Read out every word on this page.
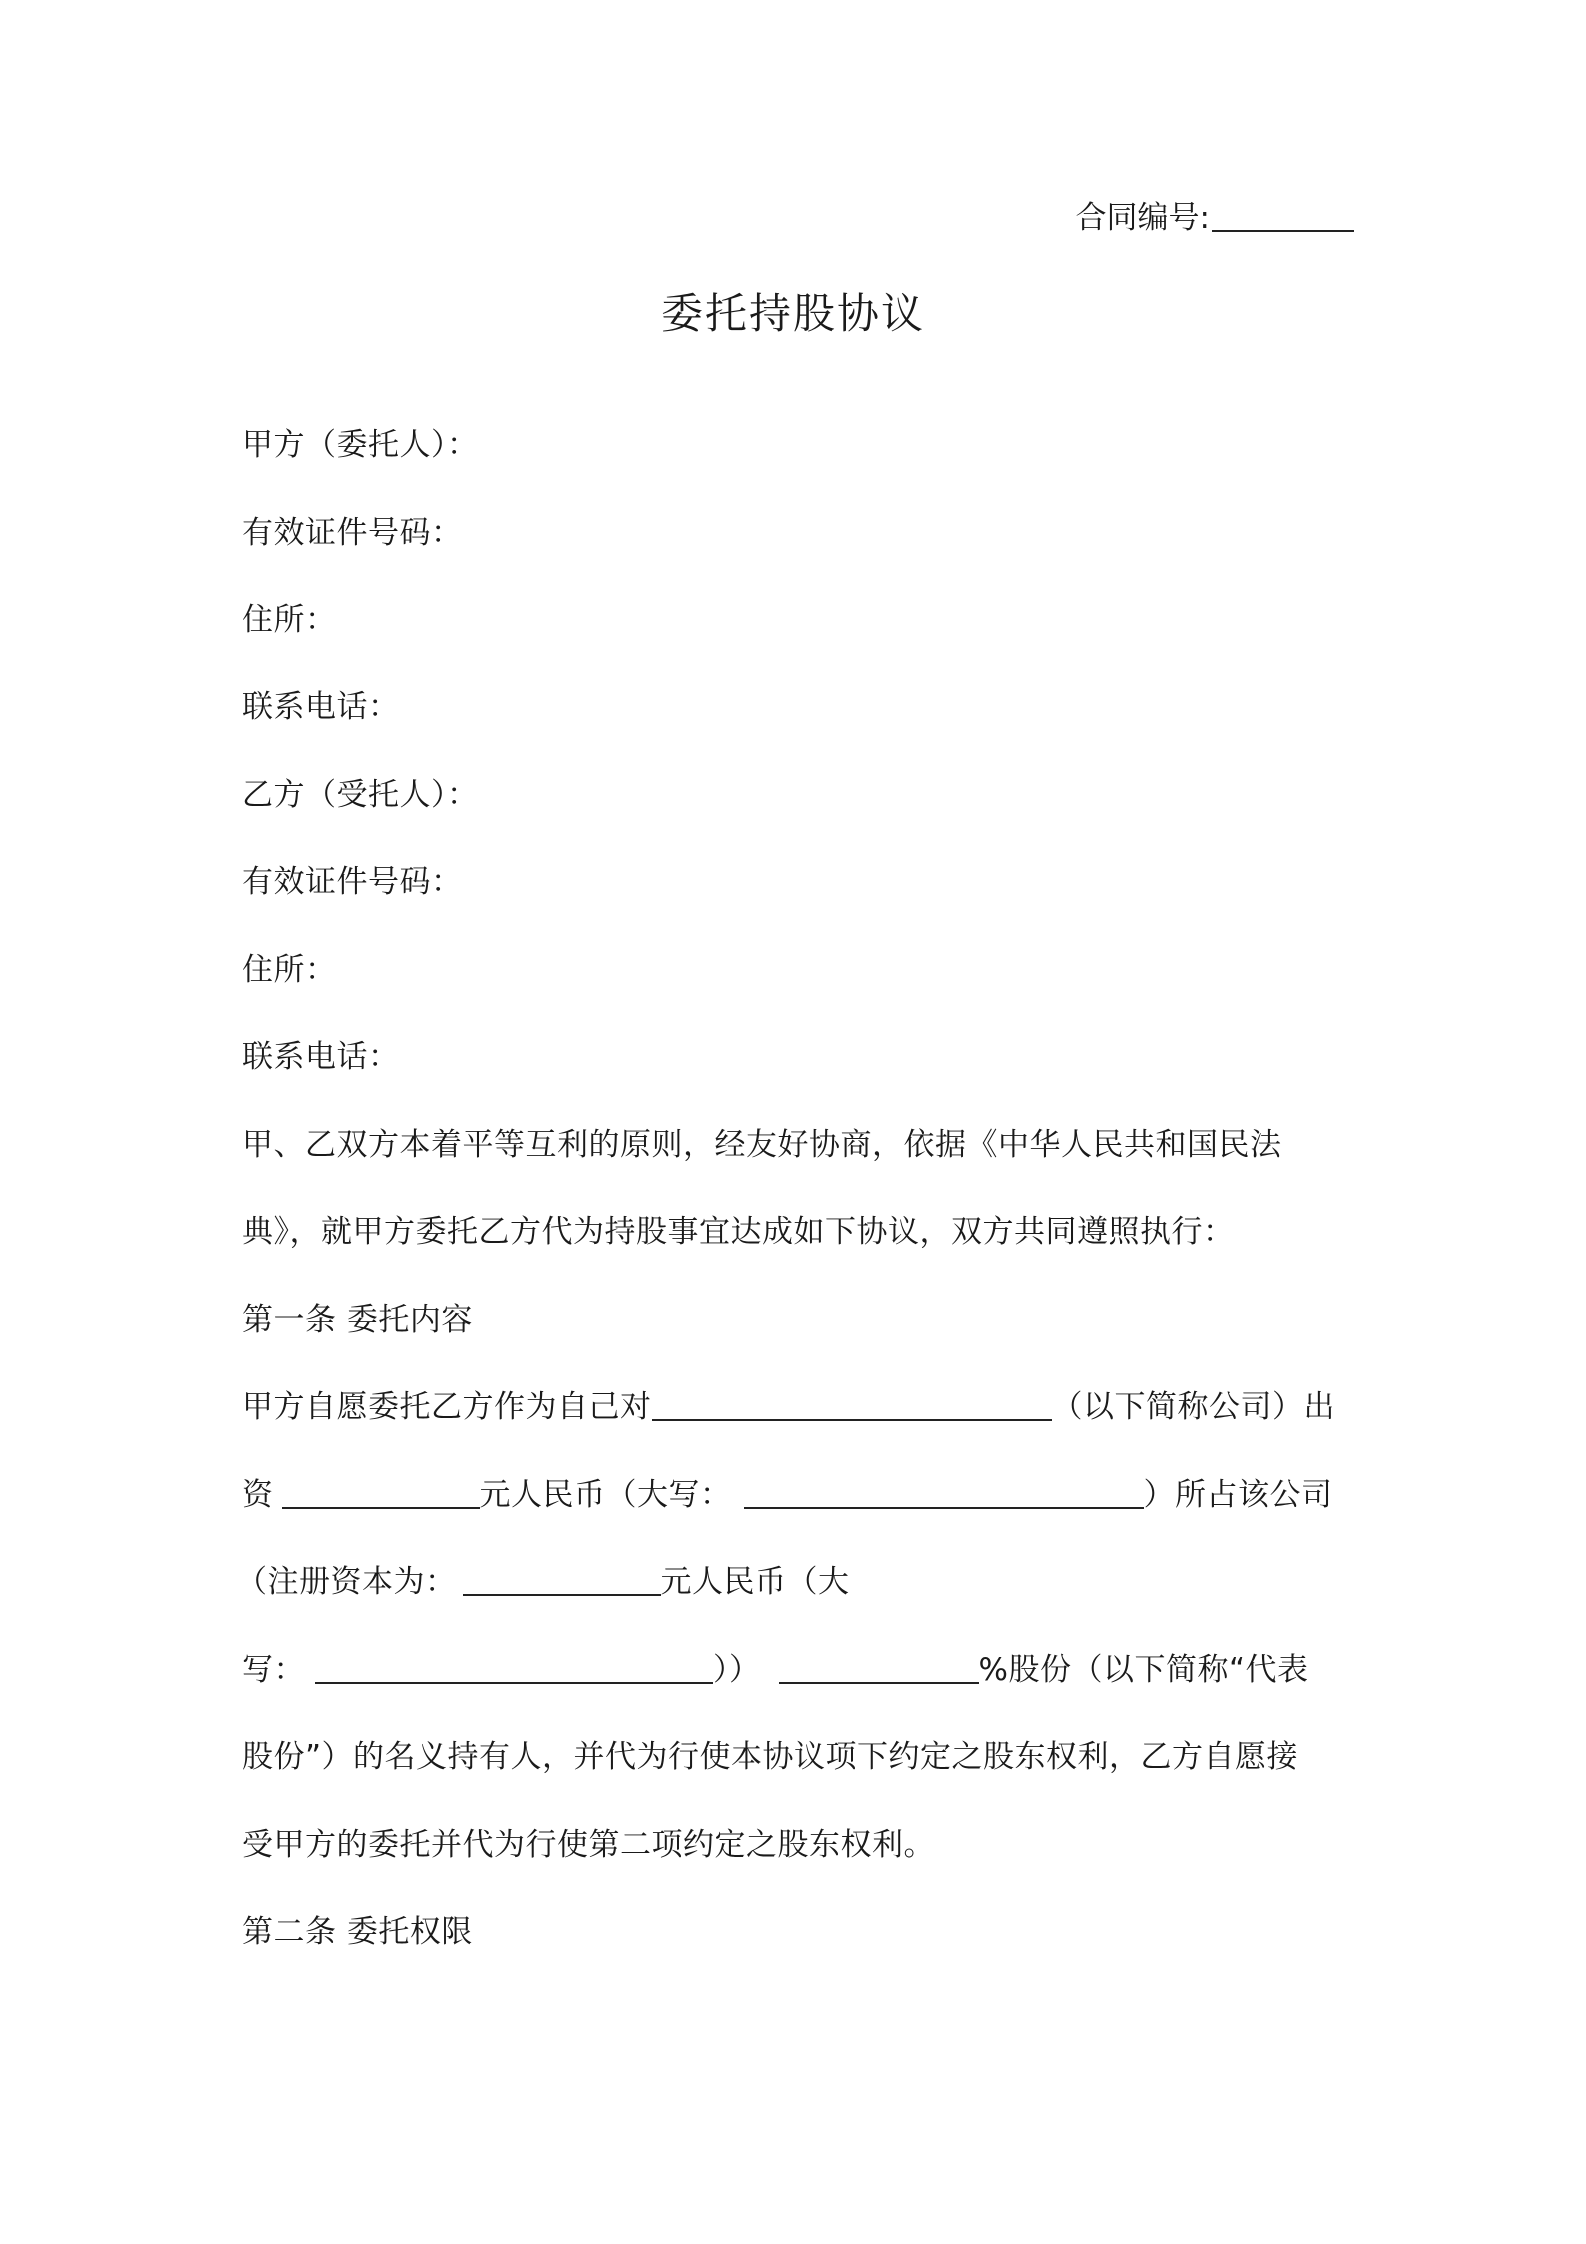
合同编号:
委托持股协议
甲方（委托人）：
有效证件号码：
住所：
联系电话：
乙方（受托人）：
有效证件号码：
住所：
联系电话：
甲、乙双方本着平等互利的原则，经友好协商，依据《中华人民共和国民法
典》，就甲方委托乙方代为持股事宜达成如下协议，双方共同遵照执行：
第一条 委托内容
甲方自愿委托乙方作为自己对	（以下简称公司）出
资	元人民币（大写：	）所占该公司
（注册资本为：	元人民币（大
写：	））	%股份（以下简称“代表
股份”）的名义持有人，并代为行使本协议项下约定之股东权利，乙方自愿接
受甲方的委托并代为行使第二项约定之股东权利。
第二条 委托权限
